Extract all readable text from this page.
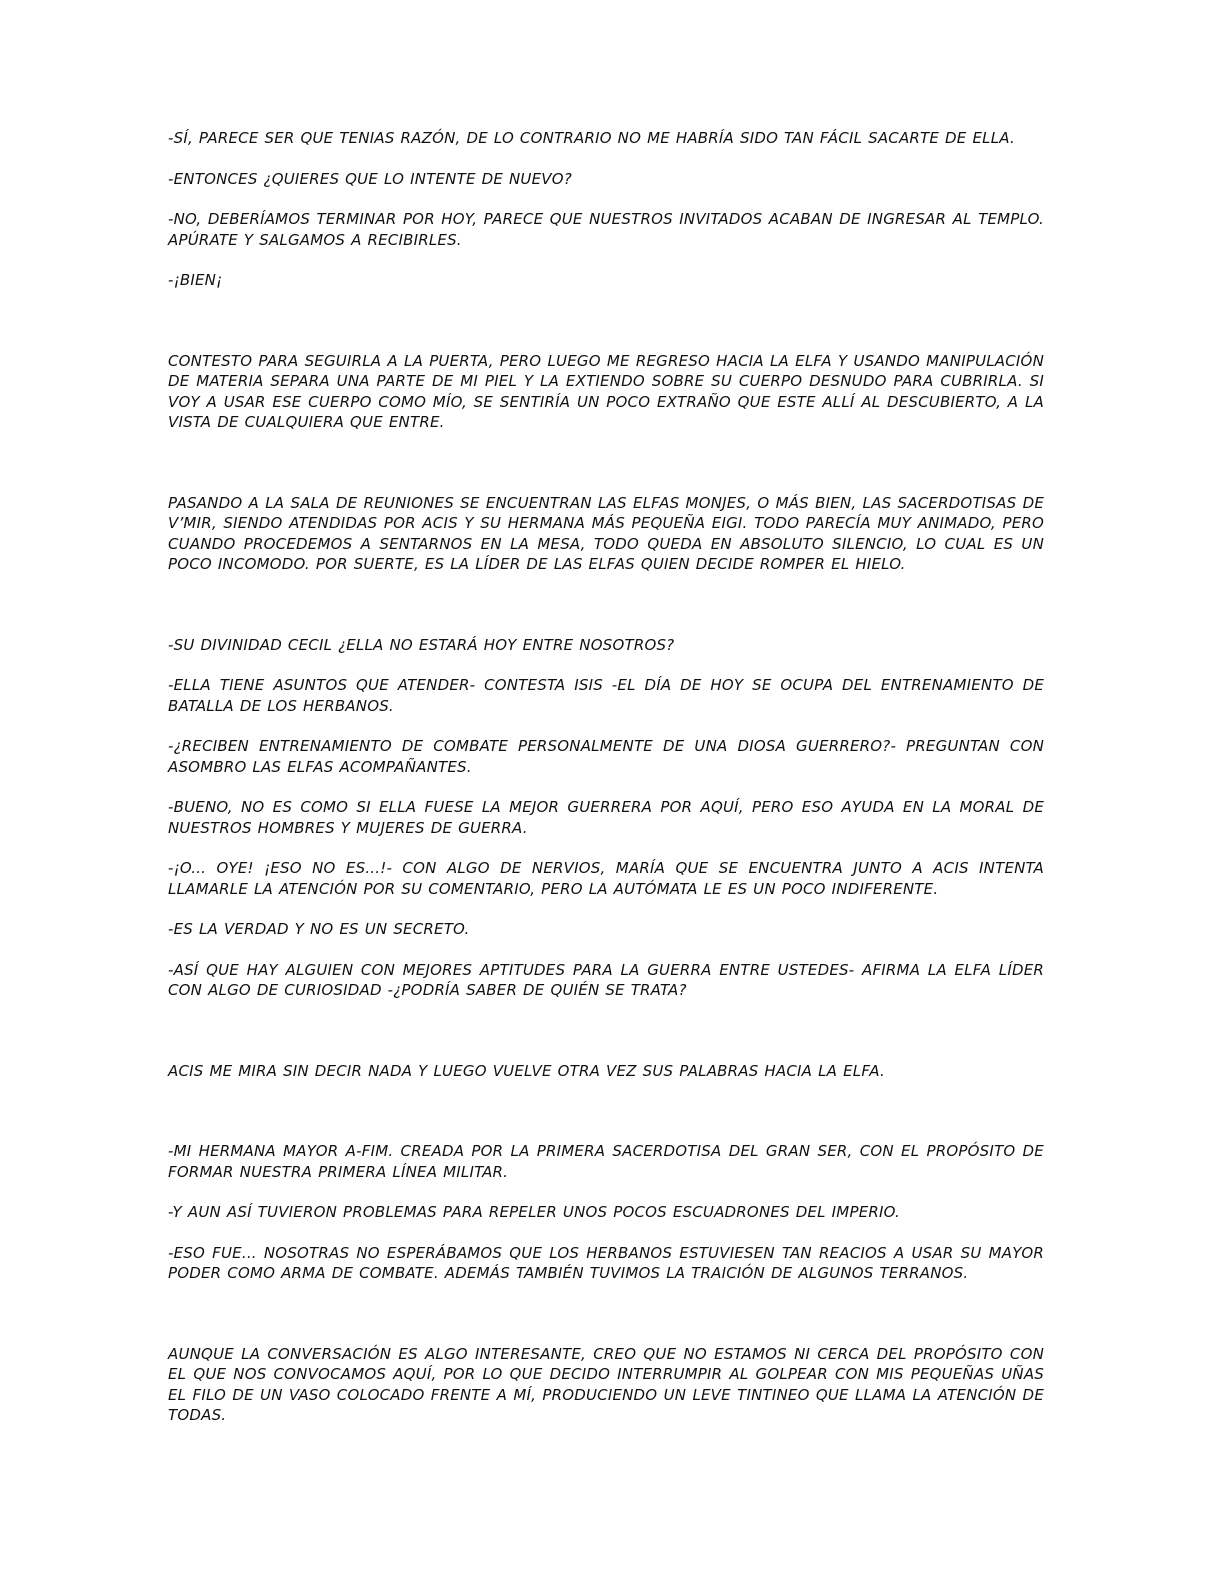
-SÍ, PARECE SER QUE TENIAS RAZÓN, DE LO CONTRARIO NO ME HABRÍA SIDO TAN FÁCIL SACARTE DE ELLA.

-ENTONCES ¿QUIERES QUE LO INTENTE DE NUEVO?

-NO, DEBERÍAMOS TERMINAR POR HOY, PARECE QUE NUESTROS INVITADOS ACABAN DE INGRESAR AL TEMPLO. APÚRATE Y SALGAMOS A RECIBIRLES.

-¡BIEN¡

CONTESTO PARA SEGUIRLA A LA PUERTA, PERO LUEGO ME REGRESO HACIA LA ELFA Y USANDO MANIPULACIÓN DE MATERIA SEPARA UNA PARTE DE MI PIEL Y LA EXTIENDO SOBRE SU CUERPO DESNUDO PARA CUBRIRLA. SI VOY A USAR ESE CUERPO COMO MÍO, SE SENTIRÍA UN POCO EXTRAÑO QUE ESTE ALLÍ AL DESCUBIERTO, A LA VISTA DE CUALQUIERA QUE ENTRE.

PASANDO A LA SALA DE REUNIONES SE ENCUENTRAN LAS ELFAS MONJES, O MÁS BIEN, LAS SACERDOTISAS DE V’MIR, SIENDO ATENDIDAS POR ACIS Y SU HERMANA MÁS PEQUEÑA EIGI. TODO PARECÍA MUY ANIMADO, PERO CUANDO PROCEDEMOS A SENTARNOS EN LA MESA, TODO QUEDA EN ABSOLUTO SILENCIO, LO CUAL ES UN POCO INCOMODO. POR SUERTE, ES LA LÍDER DE LAS ELFAS QUIEN DECIDE ROMPER EL HIELO.

-SU DIVINIDAD CECIL ¿ELLA NO ESTARÁ HOY ENTRE NOSOTROS?

-ELLA TIENE ASUNTOS QUE ATENDER- CONTESTA ISIS -EL DÍA DE HOY SE OCUPA DEL ENTRENAMIENTO DE BATALLA DE LOS HERBANOS.

-¿RECIBEN ENTRENAMIENTO DE COMBATE PERSONALMENTE DE UNA DIOSA GUERRERO?- PREGUNTAN CON ASOMBRO LAS ELFAS ACOMPAÑANTES.

-BUENO, NO ES COMO SI ELLA FUESE LA MEJOR GUERRERA POR AQUÍ, PERO ESO AYUDA EN LA MORAL DE NUESTROS HOMBRES Y MUJERES DE GUERRA.

-¡O... OYE! ¡ESO NO ES...!- CON ALGO DE NERVIOS, MARÍA QUE SE ENCUENTRA JUNTO A ACIS INTENTA LLAMARLE LA ATENCIÓN POR SU COMENTARIO, PERO LA AUTÓMATA LE ES UN POCO INDIFERENTE.

-ES LA VERDAD Y NO ES UN SECRETO.

-ASÍ QUE HAY ALGUIEN CON MEJORES APTITUDES PARA LA GUERRA ENTRE USTEDES- AFIRMA LA ELFA LÍDER CON ALGO DE CURIOSIDAD -¿PODRÍA SABER DE QUIÉN SE TRATA?

ACIS ME MIRA SIN DECIR NADA Y LUEGO VUELVE OTRA VEZ SUS PALABRAS HACIA LA ELFA.

-MI HERMANA MAYOR A-FIM. CREADA POR LA PRIMERA SACERDOTISA DEL GRAN SER, CON EL PROPÓSITO DE FORMAR NUESTRA PRIMERA LÍNEA MILITAR.

-Y AUN ASÍ TUVIERON PROBLEMAS PARA REPELER UNOS POCOS ESCUADRONES DEL IMPERIO.

-ESO FUE... NOSOTRAS NO ESPERÁBAMOS QUE LOS HERBANOS ESTUVIESEN TAN REACIOS A USAR SU MAYOR PODER COMO ARMA DE COMBATE. ADEMÁS TAMBIÉN TUVIMOS LA TRAICIÓN DE ALGUNOS TERRANOS.

AUNQUE LA CONVERSACIÓN ES ALGO INTERESANTE, CREO QUE NO ESTAMOS NI CERCA DEL PROPÓSITO CON EL QUE NOS CONVOCAMOS AQUÍ, POR LO QUE DECIDO INTERRUMPIR AL GOLPEAR CON MIS PEQUEÑAS UÑAS EL FILO DE UN VASO COLOCADO FRENTE A MÍ, PRODUCIENDO UN LEVE TINTINEO QUE LLAMA LA ATENCIÓN DE TODAS.
